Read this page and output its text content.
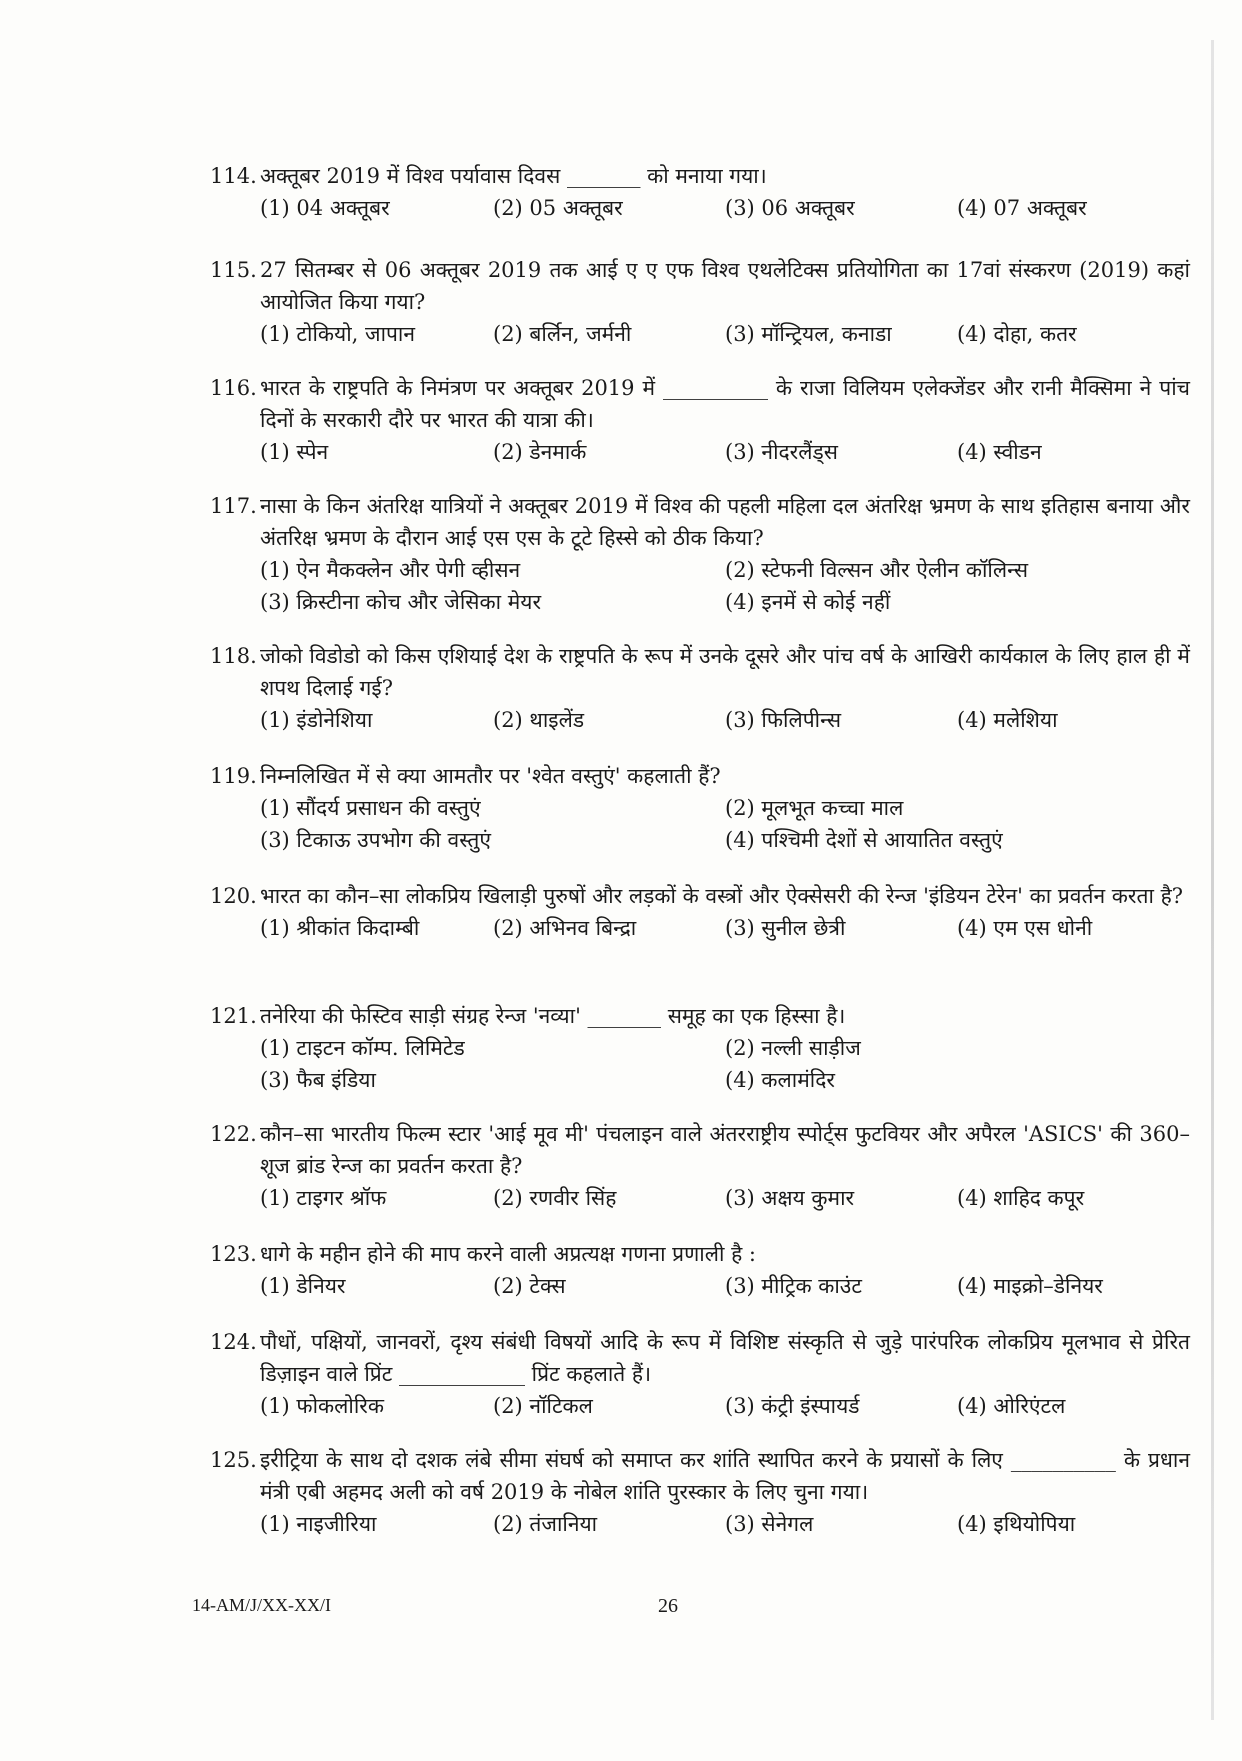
114. अक्तूबर 2019 में विश्व पर्यावास दिवस _______ को मनाया गया।
(1) 04 अक्तूबर	(2) 05 अक्तूबर	(3) 06 अक्तूबर	(4) 07 अक्तूबर
115. 27 सितम्बर से 06 अक्तूबर 2019 तक आई ए ए एफ विश्व एथलेटिक्स प्रतियोगिता का 17वां संस्करण (2019) कहां आयोजित किया गया?
(1) टोकियो, जापान	(2) बर्लिन, जर्मनी	(3) मॉन्ट्रियल, कनाडा	(4) दोहा, कतर
116. भारत के राष्ट्रपति के निमंत्रण पर अक्तूबर 2019 में __________ के राजा विलियम एलेक्जेंडर और रानी मैक्सिमा ने पांच दिनों के सरकारी दौरे पर भारत की यात्रा की।
(1) स्पेन	(2) डेनमार्क	(3) नीदरलैंड्स	(4) स्वीडन
117. नासा के किन अंतरिक्ष यात्रियों ने अक्तूबर 2019 में विश्व की पहली महिला दल अंतरिक्ष भ्रमण के साथ इतिहास बनाया और अंतरिक्ष भ्रमण के दौरान आई एस एस के टूटे हिस्से को ठीक किया?
(1) ऐन मैकक्लेन और पेगी व्हीसन	(2) स्टेफनी विल्सन और ऐलीन कॉलिन्स
(3) क्रिस्टीना कोच और जेसिका मेयर	(4) इनमें से कोई नहीं
118. जोको विडोडो को किस एशियाई देश के राष्ट्रपति के रूप में उनके दूसरे और पांच वर्ष के आखिरी कार्यकाल के लिए हाल ही में शपथ दिलाई गई?
(1) इंडोनेशिया	(2) थाइलेंड	(3) फिलिपीन्स	(4) मलेशिया
119. निम्नलिखित में से क्या आमतौर पर 'श्वेत वस्तुएं' कहलाती हैं?
(1) सौंदर्य प्रसाधन की वस्तुएं	(2) मूलभूत कच्चा माल
(3) टिकाऊ उपभोग की वस्तुएं	(4) पश्चिमी देशों से आयातित वस्तुएं
120. भारत का कौन–सा लोकप्रिय खिलाड़ी पुरुषों और लड़कों के वस्त्रों और ऐक्सेसरी की रेन्ज 'इंडियन टेरेन' का प्रवर्तन करता है?
(1) श्रीकांत किदाम्बी	(2) अभिनव बिन्द्रा	(3) सुनील छेत्री	(4) एम एस धोनी
121. तनेरिया की फेस्टिव साड़ी संग्रह रेन्ज 'नव्या' _______ समूह का एक हिस्सा है।
(1) टाइटन कॉम्प. लिमिटेड	(2) नल्ली साड़ीज
(3) फैब इंडिया	(4) कलामंदिर
122. कौन–सा भारतीय फिल्म स्टार 'आई मूव मी' पंचलाइन वाले अंतरराष्ट्रीय स्पोर्ट्स फुटवियर और अपैरल 'ASICS' की 360–शूज ब्रांड रेन्ज का प्रवर्तन करता है?
(1) टाइगर श्रॉफ	(2) रणवीर सिंह	(3) अक्षय कुमार	(4) शाहिद कपूर
123. धागे के महीन होने की माप करने वाली अप्रत्यक्ष गणना प्रणाली है :
(1) डेनियर	(2) टेक्स	(3) मीट्रिक काउंट	(4) माइक्रो–डेनियर
124. पौधों, पक्षियों, जानवरों, दृश्य संबंधी विषयों आदि के रूप में विशिष्ट संस्कृति से जुड़े पारंपरिक लोकप्रिय मूलभाव से प्रेरित डिज़ाइन वाले प्रिंट ____________ प्रिंट कहलाते हैं।
(1) फोकलोरिक	(2) नॉटिकल	(3) कंट्री इंस्पायर्ड	(4) ओरिएंटल
125. इरीट्रिया के साथ दो दशक लंबे सीमा संघर्ष को समाप्त कर शांति स्थापित करने के प्रयासों के लिए __________ के प्रधान मंत्री एबी अहमद अली को वर्ष 2019 के नोबेल शांति पुरस्कार के लिए चुना गया।
(1) नाइजीरिया	(2) तंजानिया	(3) सेनेगल	(4) इथियोपिया
14-AM/J/XX-XX/I	26
